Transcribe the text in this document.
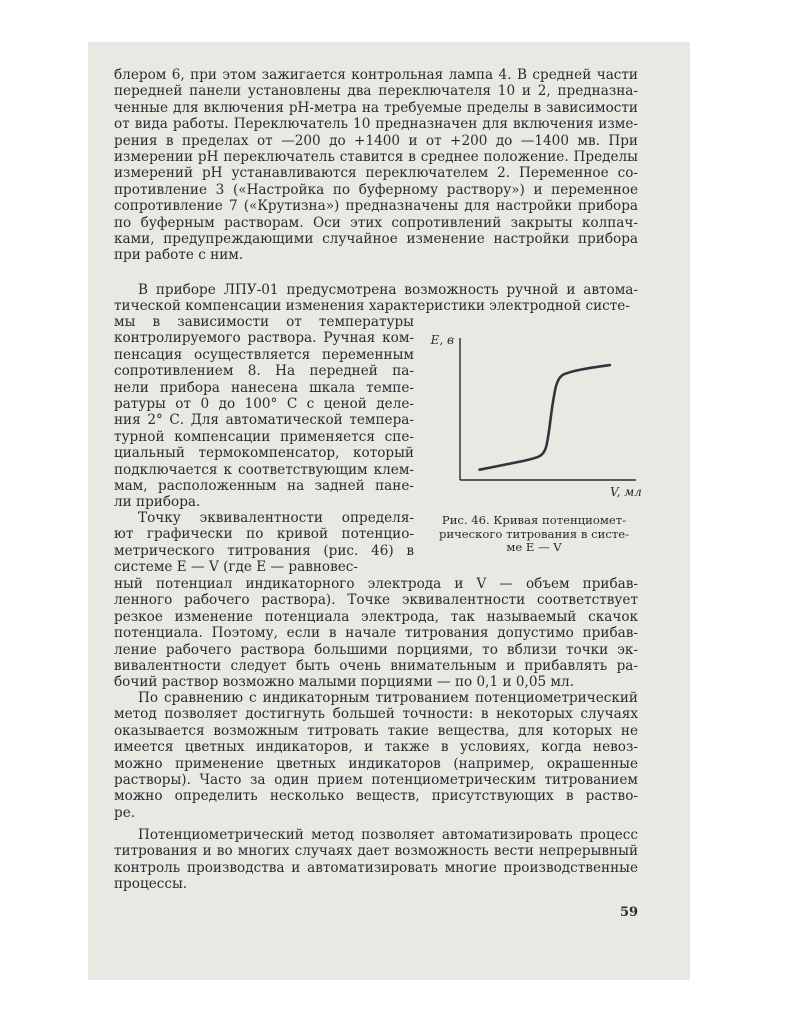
блером 6, при этом зажигается контрольная лампа 4. В средней части
передней панели установлены два переключателя 10 и 2, предназна-
ченные для включения рН-метра на требуемые пределы в зависимости
от вида работы. Переключатель 10 предназначен для включения изме-
рения в пределах от —200 до +1400 и от +200 до —1400 мв. При
измерении рН переключатель ставится в среднее положение. Пределы
измерений рН устанавливаются переключателем 2. Переменное со-
противление 3 («Настройка по буферному раствору») и переменное
сопротивление 7 («Крутизна») предназначены для настройки прибора
по буферным растворам. Оси этих сопротивлений закрыты колпач-
ками, предупреждающими случайное изменение настройки прибора
при работе с ним.
В приборе ЛПУ-01 предусмотрена возможность ручной и автома-
тической компенсации изменения характеристики электродной систе-
мы в зависимости от температуры
контролируемого раствора. Ручная ком-
пенсация осуществляется переменным
сопротивлением 8. На передней па-
нели прибора нанесена шкала темпе-
ратуры от 0 до 100° С с ценой деле-
ния 2° С. Для автоматической темпера-
турной компенсации применяется спе-
циальный термокомпенсатор, который
подключается к соответствующим клем-
мам, расположенным на задней пане-
ли прибора.
Точку эквивалентности определя-
ют графически по кривой потенцио-
метрического титрования (рис. 46) в
системе E — V (где E — равновес-
ный потенциал индикаторного электрода и V — объем прибав-
ленного рабочего раствора). Точке эквивалентности соответствует
резкое изменение потенциала электрода, так называемый скачок
потенциала. Поэтому, если в начале титрования допустимо прибав-
ление рабочего раствора большими порциями, то вблизи точки эк-
вивалентности следует быть очень внимательным и прибавлять ра-
бочий раствор возможно малыми порциями — по 0,1 и 0,05 мл.
По сравнению с индикаторным титрованием потенциометрический
метод позволяет достигнуть большей точности: в некоторых случаях
оказывается возможным титровать такие вещества, для которых не
имеется цветных индикаторов, и также в условиях, когда невоз-
можно применение цветных индикаторов (например, окрашенные
растворы). Часто за один прием потенциометрическим титрованием
можно определить несколько веществ, присутствующих в раство-
ре.
Потенциометрический метод позволяет автоматизировать процесс
титрования и во многих случаях дает возможность вести непрерывный
контроль производства и автоматизировать многие производственные
процессы.
E, в
V, мл
Рис. 46. Кривая потенциомет-
рического титрования в систе-
ме E — V
59
